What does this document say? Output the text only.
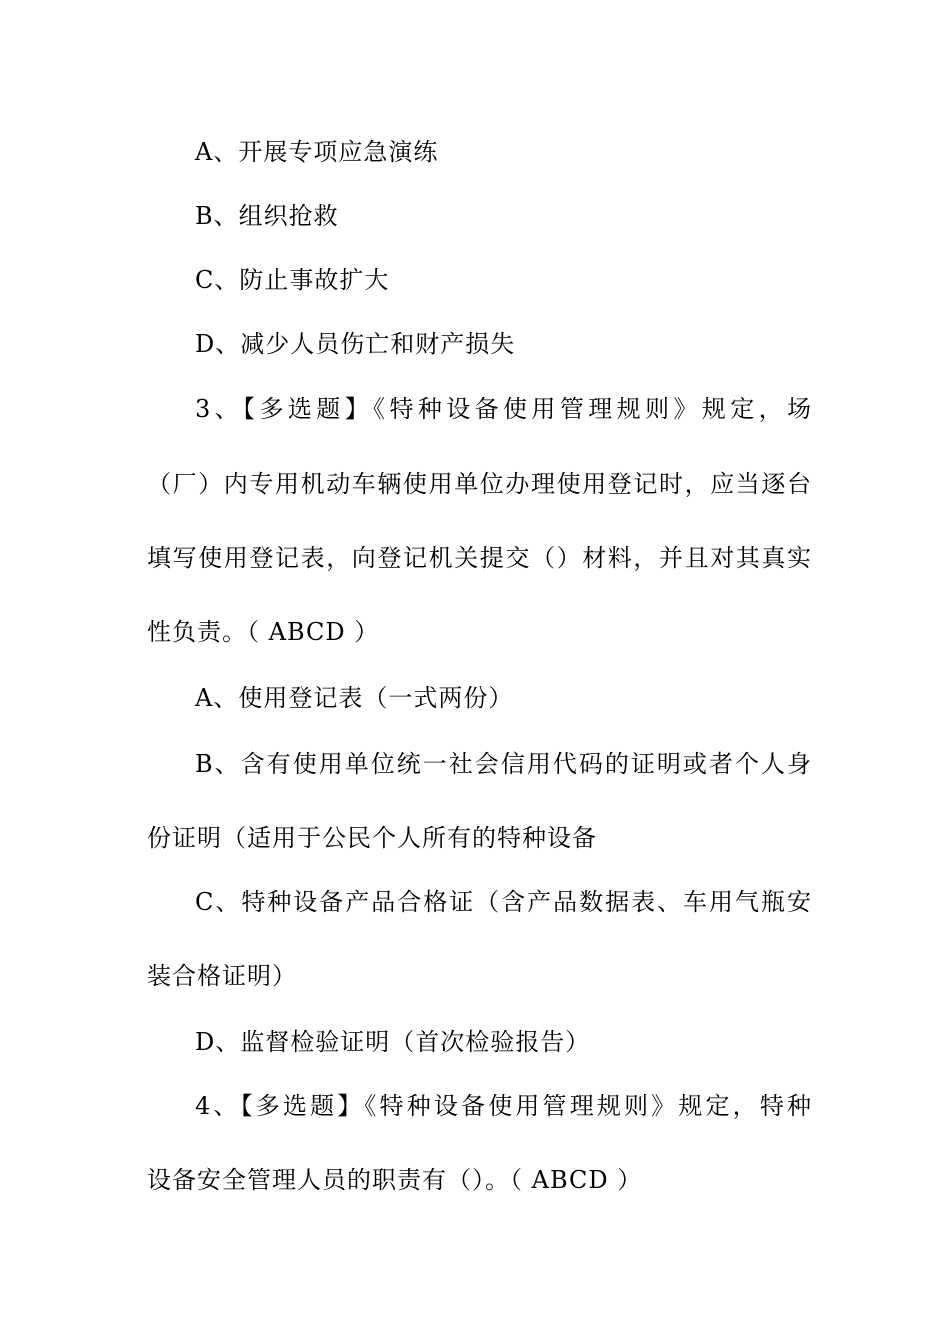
A、开展专项应急演练
B、组织抢救
C、防止事故扩大
D、减少人员伤亡和财产损失
3、【多选题】《特种设备使用管理规则》规定，场
（厂）内专用机动车辆使用单位办理使用登记时，应当逐台
填写使用登记表，向登记机关提交（）材料，并且对其真实
性负责。（ ABCD ）
A、使用登记表（一式两份）
B、含有使用单位统一社会信用代码的证明或者个人身
份证明（适用于公民个人所有的特种设备
C、特种设备产品合格证（含产品数据表、车用气瓶安
装合格证明）
D、监督检验证明（首次检验报告）
4、【多选题】《特种设备使用管理规则》规定，特种
设备安全管理人员的职责有（）。（ ABCD ）
